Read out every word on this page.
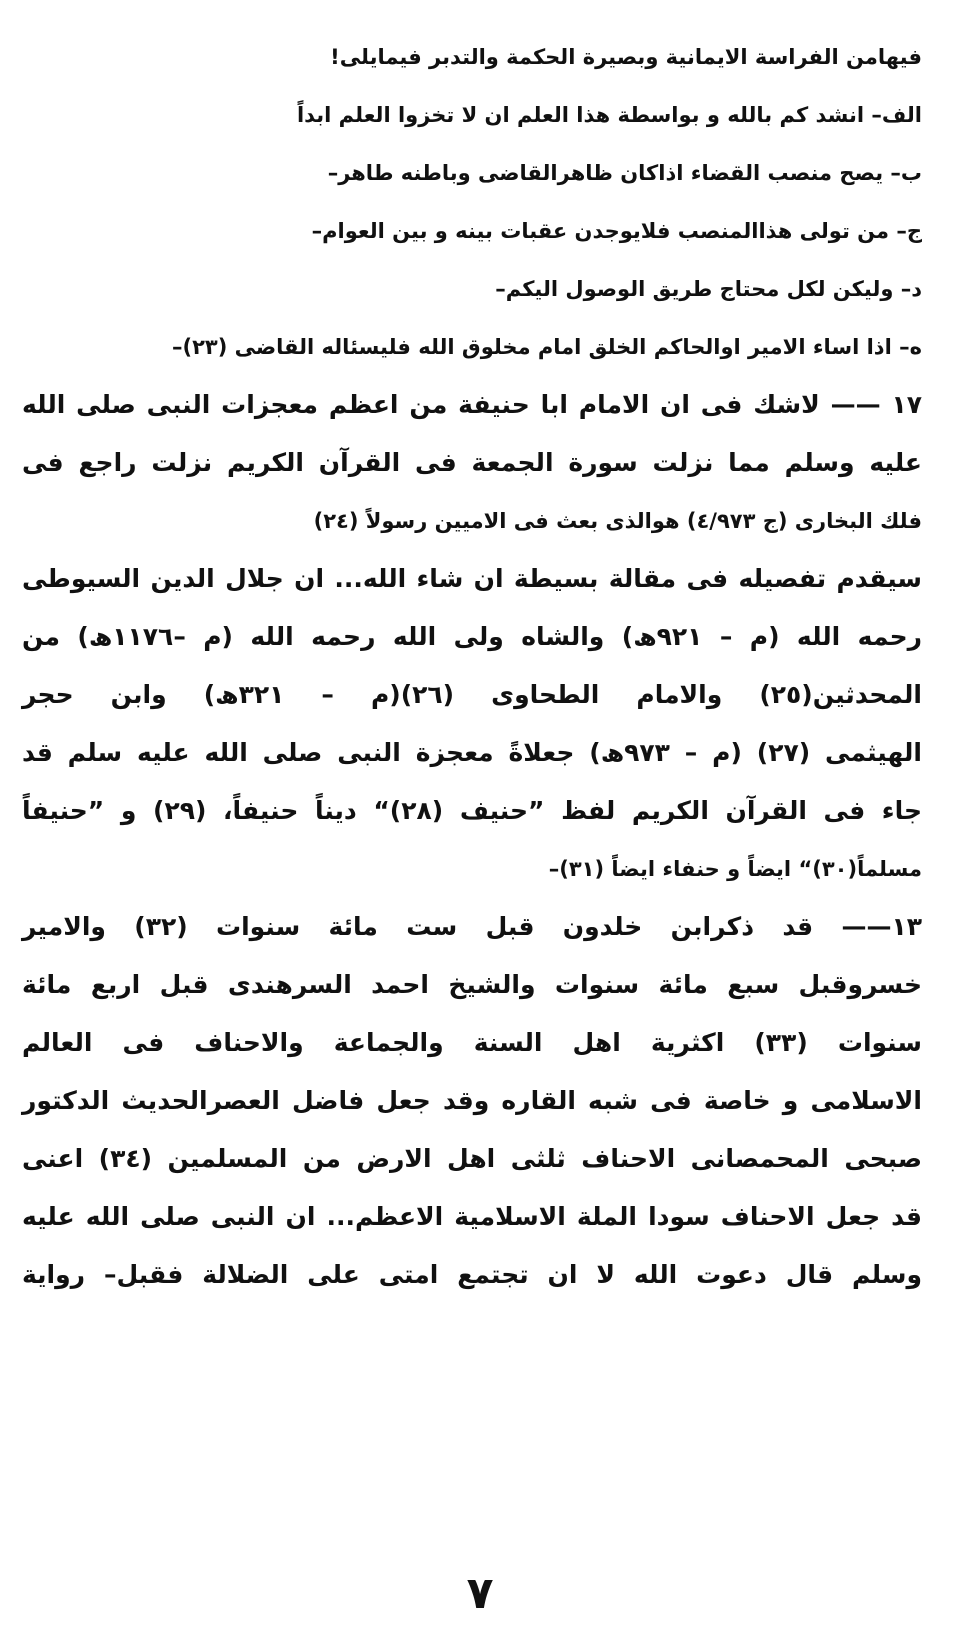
فيهامن الفراسة الايمانية وبصيرة الحكمة والتدبر فيمايلى!

الف– انشد كم بالله و بواسطة هذا العلم ان لا تخزوا العلم ابداً

ب– يصح منصب القضاء اذاكان ظاهرالقاضى وباطنه طاهر–

ج– من تولى هذاالمنصب فلايوجدن عقبات بينه و بين العوام–

د– وليكن لكل محتاج طريق الوصول اليكم–

ه– اذا اساء الامير اوالحاكم الخلق امام مخلوق الله فليسئاله القاضى (٢٣)–

١٧ —— لاشك فى ان الامام ابا حنيفة من اعظم معجزات النبى صلى الله

عليه وسلم مما نزلت سورة الجمعة فى القرآن الكريم نزلت راجع فى

فلك البخارى (ج ٤/٩٧٣) هوالذى بعث فى الاميين رسولاً (٢٤)

سيقدم تفصيله فى مقالة بسيطة ان شاء الله... ان جلال الدين السيوطى

رحمه الله (م – ٩٢١ھ) والشاه ولى الله رحمه الله (م –١١٧٦ھ) من

المحدثين(٢٥) والامام الطحاوى (٢٦)(م – ٣٢١ھ) وابن حجر

الهيثمى (٢٧) (م – ٩٧٣ھ) جعلاةً معجزة النبى صلى الله عليه سلم قد

جاء فى القرآن الكريم لفظ ”حنيف (٢٨)“ ديناً حنيفاً، (٢٩) و ”حنيفاً

مسلماً(٣٠)“ ايضاً و حنفاء ايضاً (٣١)–

١٣—— قد ذكرابن خلدون قبل ست مائة سنوات (٣٢) والامير

خسروقبل سبع مائة سنوات والشيخ احمد السرهندى قبل اربع مائة

سنوات (٣٣) اكثرية اهل السنة والجماعة والاحناف فى العالم

الاسلامى و خاصة فى شبه القاره وقد جعل فاضل العصرالحديث الدكتور

صبحى المحمصانى الاحناف ثلثى اهل الارض من المسلمين (٣٤) اعنى

قد جعل الاحناف سودا الملة الاسلامية الاعظم... ان النبى صلى الله عليه

وسلم قال دعوت الله لا ان تجتمع امتى على الضلالة فقبل– رواية

٧
